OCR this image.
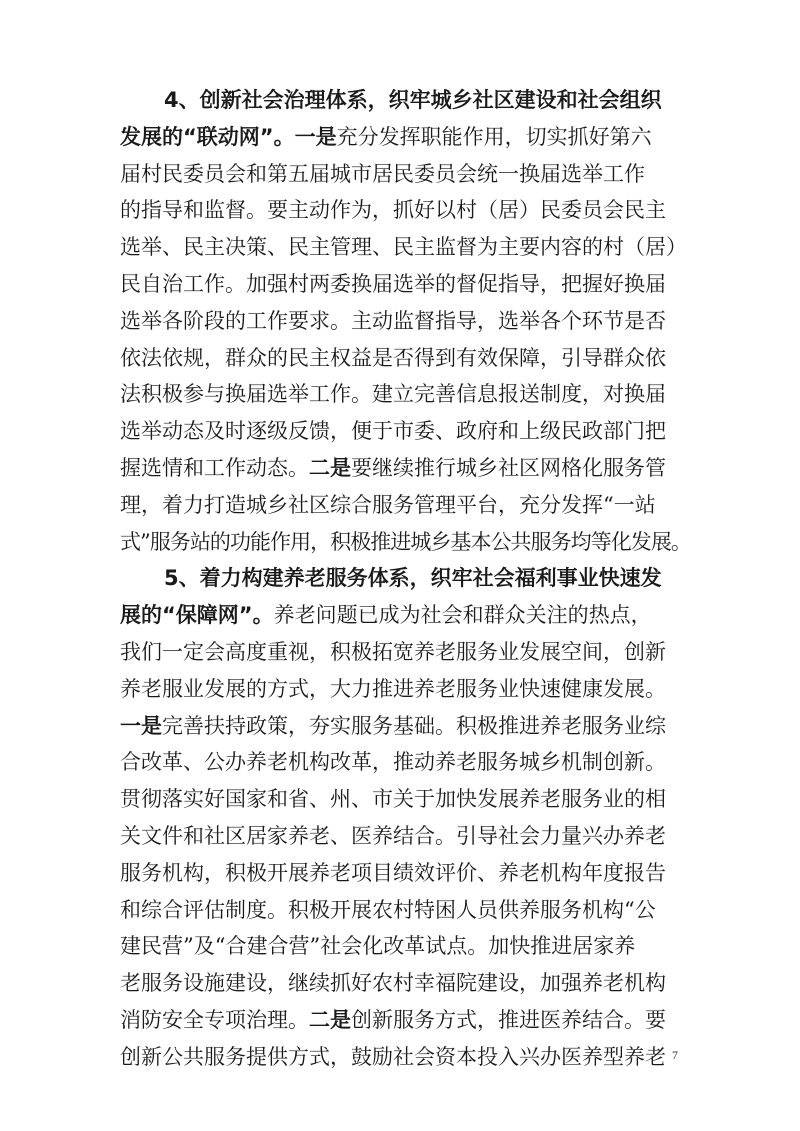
4、创新社会治理体系，织牢城乡社区建设和社会组织
发展的“联动网”。一是充分发挥职能作用，切实抓好第六
届村民委员会和第五届城市居民委员会统一换届选举工作
的指导和监督。要主动作为，抓好以村（居）民委员会民主
选举、民主决策、民主管理、民主监督为主要内容的村（居）
民自治工作。加强村两委换届选举的督促指导，把握好换届
选举各阶段的工作要求。主动监督指导，选举各个环节是否
依法依规，群众的民主权益是否得到有效保障，引导群众依
法积极参与换届选举工作。建立完善信息报送制度，对换届
选举动态及时逐级反馈，便于市委、政府和上级民政部门把
握选情和工作动态。二是要继续推行城乡社区网格化服务管
理，着力打造城乡社区综合服务管理平台，充分发挥“一站
式”服务站的功能作用，积极推进城乡基本公共服务均等化发展。
5、着力构建养老服务体系，织牢社会福利事业快速发
展的“保障网”。养老问题已成为社会和群众关注的热点，
我们一定会高度重视，积极拓宽养老服务业发展空间，创新
养老服业发展的方式，大力推进养老服务业快速健康发展。
一是完善扶持政策，夯实服务基础。积极推进养老服务业综
合改革、公办养老机构改革，推动养老服务城乡机制创新。
贯彻落实好国家和省、州、市关于加快发展养老服务业的相
关文件和社区居家养老、医养结合。引导社会力量兴办养老
服务机构，积极开展养老项目绩效评价、养老机构年度报告
和综合评估制度。积极开展农村特困人员供养服务机构“公
建民营”及“合建合营”社会化改革试点。加快推进居家养
老服务设施建设，继续抓好农村幸福院建设，加强养老机构
消防安全专项治理。二是创新服务方式，推进医养结合。要
创新公共服务提供方式，鼓励社会资本投入兴办医养型养老 7
